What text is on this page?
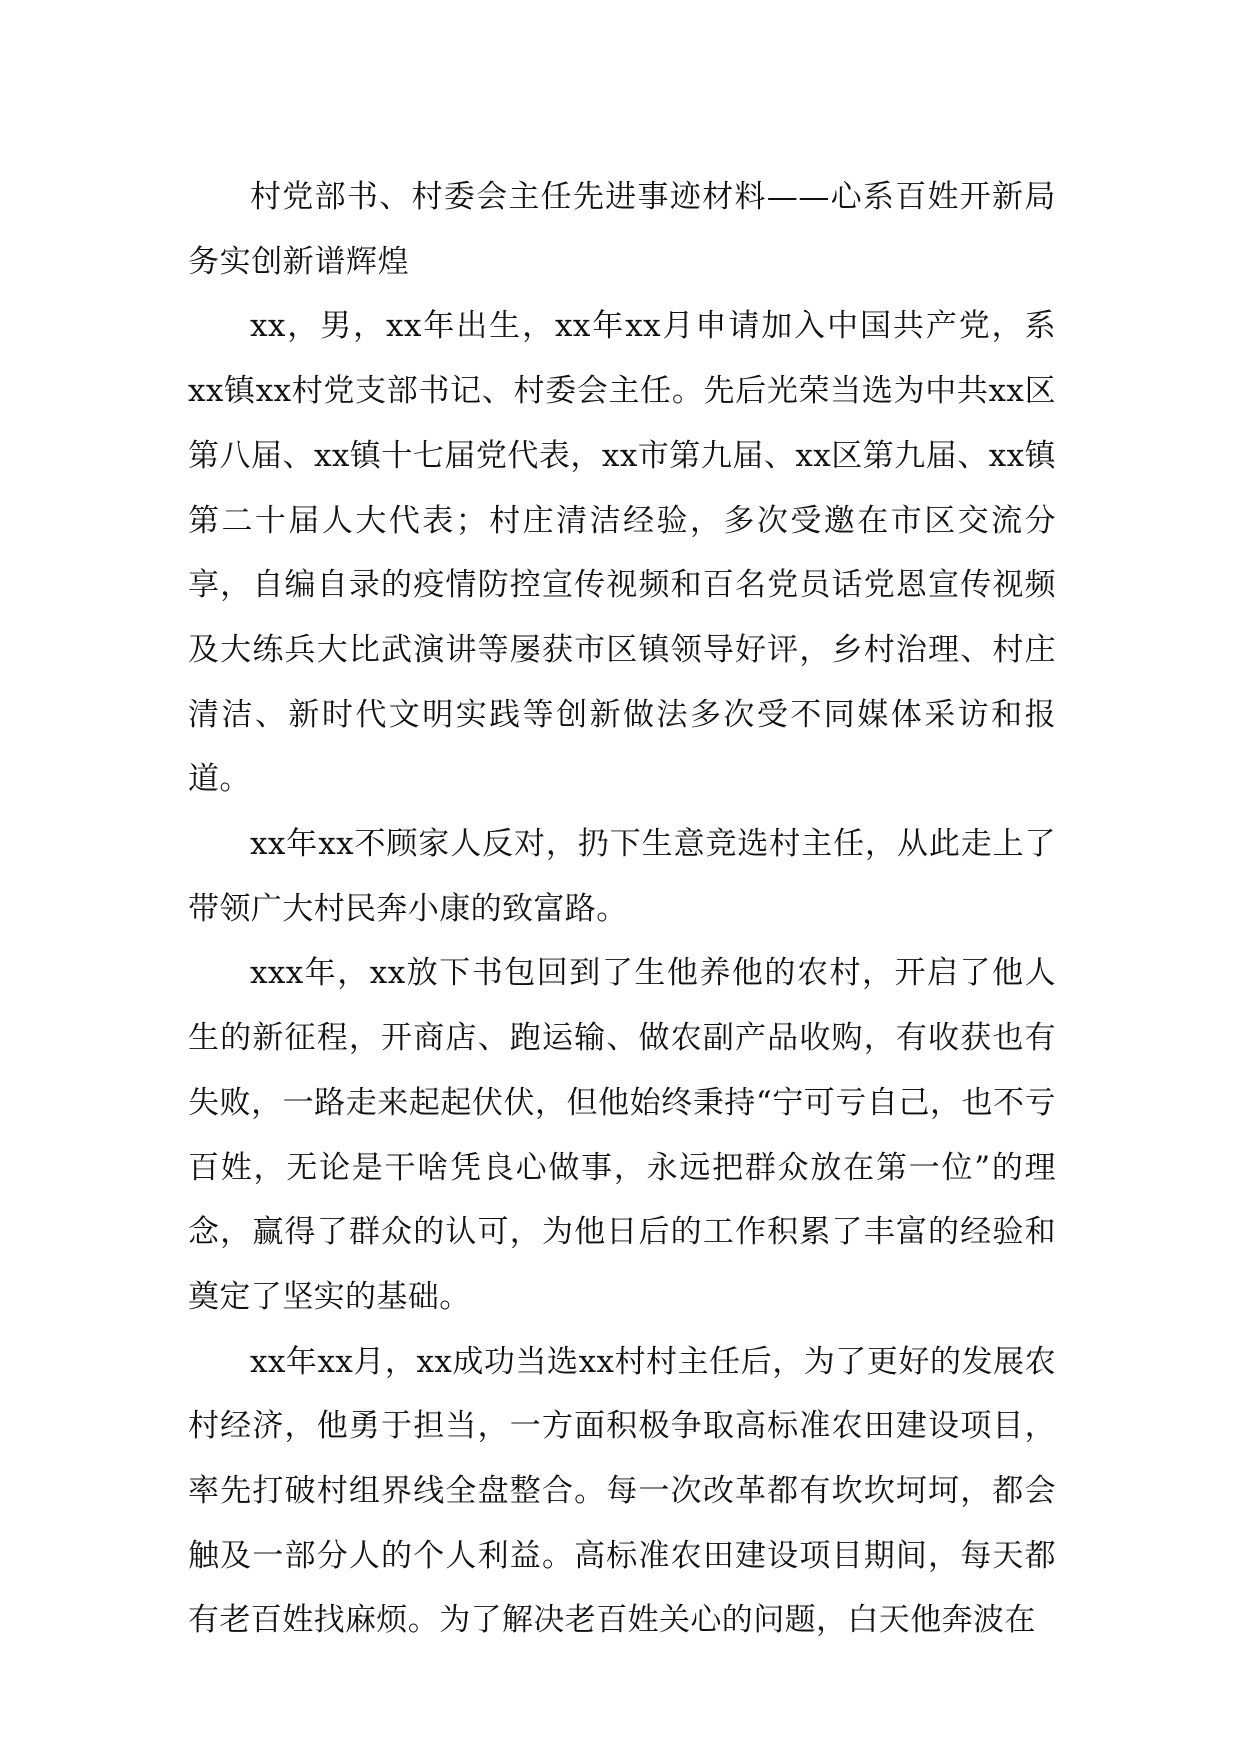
村党部书、村委会主任先进事迹材料——心系百姓开新局务实创新谱辉煌

xx，男，xx年出生，xx年xx月申请加入中国共产党，系xx镇xx村党支部书记、村委会主任。先后光荣当选为中共xx区第八届、xx镇十七届党代表，xx市第九届、xx区第九届、xx镇第二十届人大代表；村庄清洁经验，多次受邀在市区交流分享，自编自录的疫情防控宣传视频和百名党员话党恩宣传视频及大练兵大比武演讲等屡获市区镇领导好评，乡村治理、村庄清洁、新时代文明实践等创新做法多次受不同媒体采访和报道。

xx年xx不顾家人反对，扔下生意竞选村主任，从此走上了带领广大村民奔小康的致富路。

xxx年，xx放下书包回到了生他养他的农村，开启了他人生的新征程，开商店、跑运输、做农副产品收购，有收获也有失败，一路走来起起伏伏，但他始终秉持“宁可亏自己，也不亏百姓，无论是干啥凭良心做事，永远把群众放在第一位”的理念，赢得了群众的认可，为他日后的工作积累了丰富的经验和奠定了坚实的基础。

xx年xx月，xx成功当选xx村村主任后，为了更好的发展农村经济，他勇于担当，一方面积极争取高标准农田建设项目，率先打破村组界线全盘整合。每一次改革都有坎坎坷坷，都会触及一部分人的个人利益。高标准农田建设项目期间，每天都有老百姓找麻烦。为了解决老百姓关心的问题，白天他奔波在
